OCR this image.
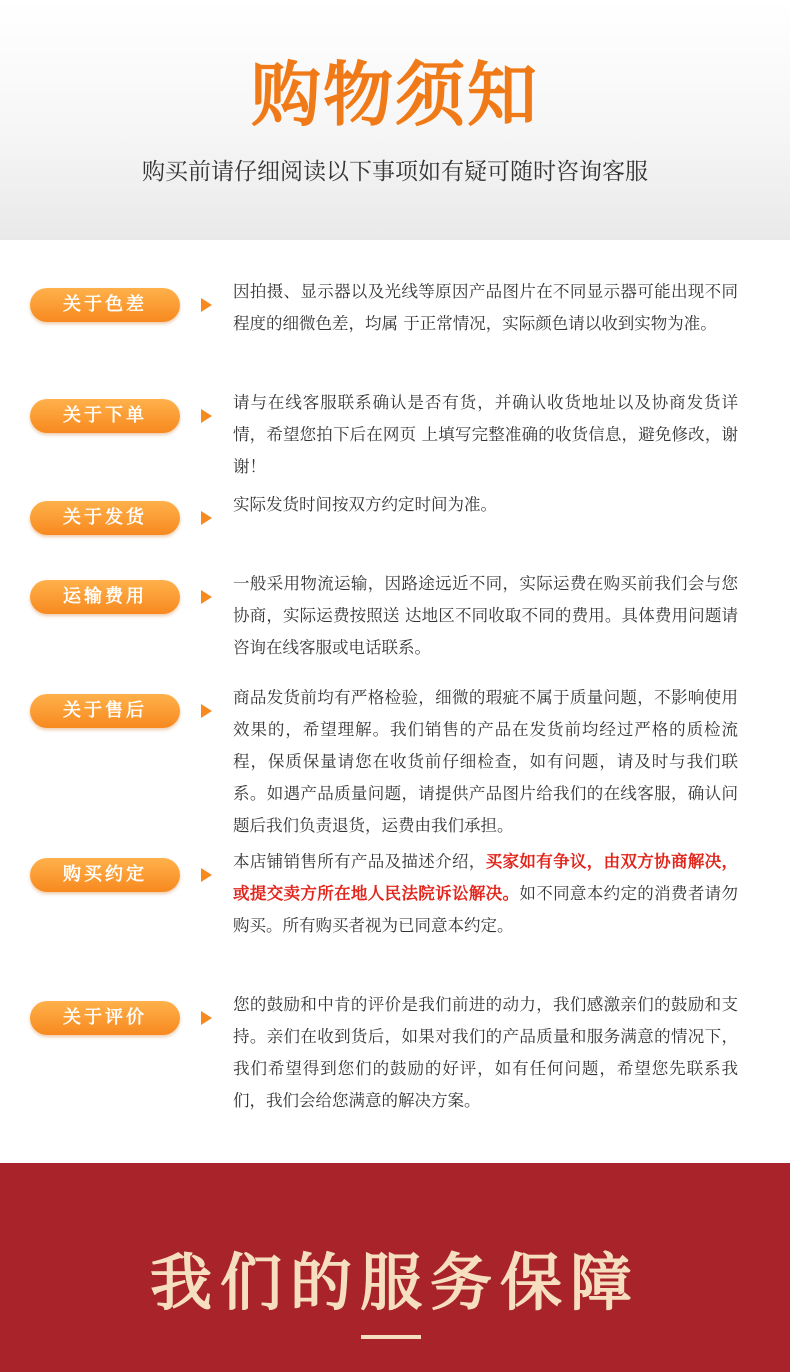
购物须知
购买前请仔细阅读以下事项如有疑可随时咨询客服
关于色差

因拍摄、显示器以及光线等原因产品图片在不同显示器可能出现不同程度的细微色差，均属 于正常情况，实际颜色请以收到实物为准。

关于下单

请与在线客服联系确认是否有货，并确认收货地址以及协商发货详情，希望您拍下后在网页 上填写完整准确的收货信息，避免修改，谢谢！

关于发货

实际发货时间按双方约定时间为准。

运输费用

一般采用物流运输，因路途远近不同，实际运费在购买前我们会与您协商，实际运费按照送 达地区不同收取不同的费用。具体费用问题请咨询在线客服或电话联系。

关于售后

商品发货前均有严格检验，细微的瑕疵不属于质量问题，不影响使用效果的，希望理解。我们销售的产品在发货前均经过严格的质检流程，保质保量请您在收货前仔细检查，如有问题，请及时与我们联系。如遇产品质量问题，请提供产品图片给我们的在线客服，确认问题后我们负责退货，运费由我们承担。

购买约定

本店铺销售所有产品及描述介绍，买家如有争议，由双方协商解决，或提交卖方所在地人民法院诉讼解决。如不同意本约定的消费者请勿购买。所有购买者视为已同意本约定。

关于评价

您的鼓励和中肯的评价是我们前进的动力，我们感激亲们的鼓励和支持。亲们在收到货后，如果对我们的产品质量和服务满意的情况下，我们希望得到您们的鼓励的好评，如有任何问题，希望您先联系我们，我们会给您满意的解决方案。

我们的服务保障
